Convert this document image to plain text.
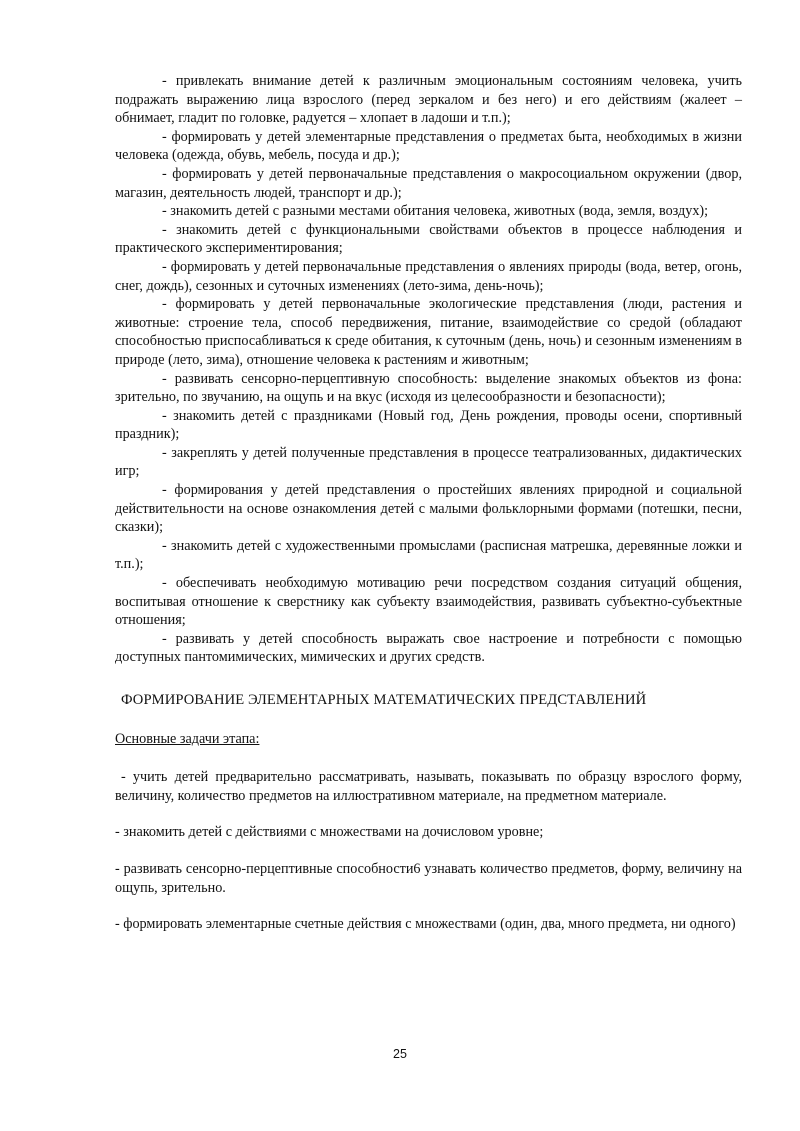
- привлекать внимание детей к различным эмоциональным состояниям человека, учить подражать выражению лица взрослого (перед зеркалом и без него) и его действиям (жалеет – обнимает, гладит по головке, радуется – хлопает в ладоши и т.п.);

- формировать у детей элементарные представления о предметах быта, необходимых в жизни человека (одежда, обувь, мебель, посуда и др.);

- формировать у детей первоначальные представления о макросоциальном окружении (двор, магазин, деятельность людей, транспорт и др.);

- знакомить детей с разными местами обитания человека, животных (вода, земля, воздух);

- знакомить детей с функциональными свойствами объектов в процессе наблюдения и практического экспериментирования;

- формировать у детей первоначальные представления о явлениях природы (вода, ветер, огонь, снег, дождь), сезонных и суточных изменениях (лето-зима, день-ночь);

- формировать у детей первоначальные экологические представления (люди, растения и животные: строение тела, способ передвижения, питание, взаимодействие со средой (обладают способностью приспосабливаться к среде обитания, к суточным (день, ночь) и сезонным изменениям в природе (лето, зима), отношение человека к растениям и животным;

- развивать сенсорно-перцептивную способность: выделение знакомых объектов из фона: зрительно, по звучанию, на ощупь и на вкус (исходя из целесообразности и безопасности);

- знакомить детей с праздниками (Новый год, День рождения, проводы осени, спортивный праздник);

- закреплять у детей полученные представления в процессе театрализованных, дидактических игр;

- формирования у детей представления о простейших явлениях природной и социальной действительности на основе ознакомления детей с малыми фольклорными формами (потешки, песни, сказки);

- знакомить детей с художественными промыслами (расписная матрешка, деревянные ложки и т.п.);

- обеспечивать необходимую мотивацию речи посредством создания ситуаций общения, воспитывая отношение к сверстнику как субъекту взаимодействия, развивать субъектно-субъектные отношения;

- развивать у детей способность выражать свое настроение и потребности с помощью доступных пантомимических, мимических и других средств.

ФОРМИРОВАНИЕ ЭЛЕМЕНТАРНЫХ МАТЕМАТИЧЕСКИХ ПРЕДСТАВЛЕНИЙ

Основные задачи этапа:

- учить детей предварительно рассматривать, называть, показывать по образцу взрослого форму, величину, количество предметов на иллюстративном материале, на предметном материале.

- знакомить детей с действиями с множествами на дочисловом уровне;

- развивать сенсорно-перцептивные способности6 узнавать количество предметов, форму, величину на ощупь, зрительно.

- формировать элементарные счетные действия с множествами (один, два, много предмета, ни одного)

25
